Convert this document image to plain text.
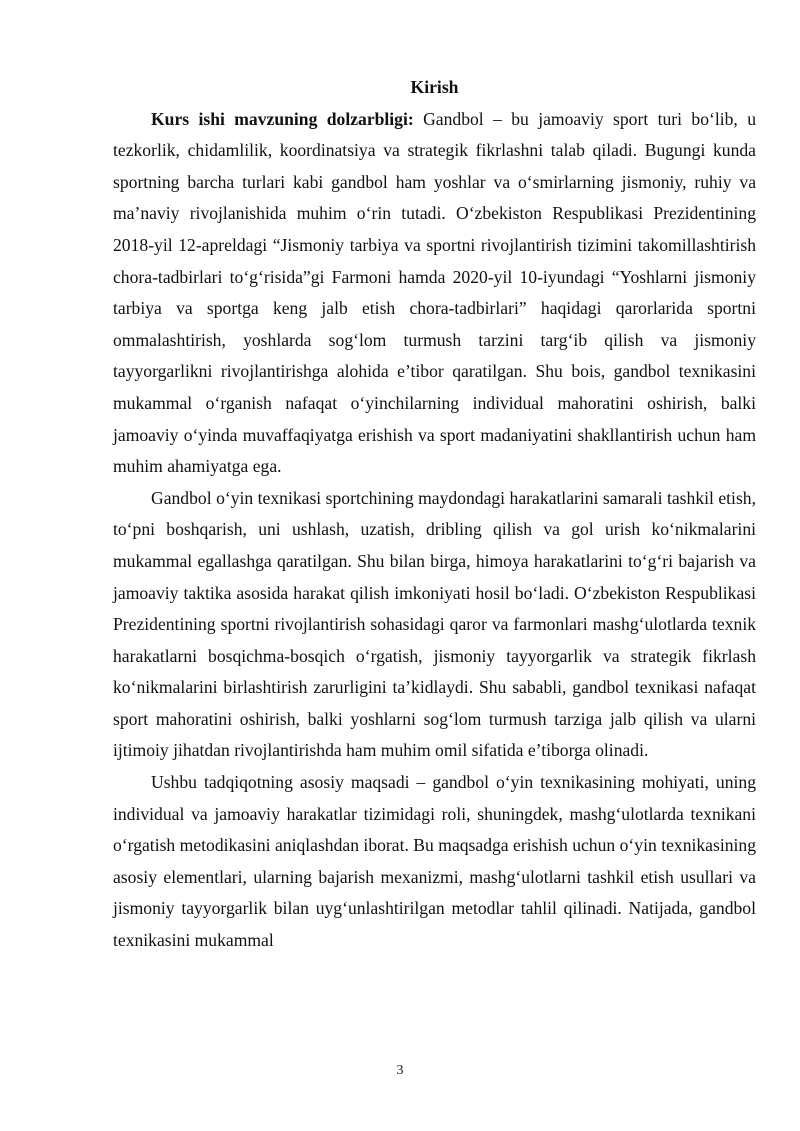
Kirish

Kurs ishi mavzuning dolzarbligi: Gandbol – bu jamoaviy sport turi bo‘lib, u tezkorlik, chidamlilik, koordinatsiya va strategik fikrlashni talab qiladi. Bugungi kunda sportning barcha turlari kabi gandbol ham yoshlar va o‘smirlarning jismoniy, ruhiy va ma’naviy rivojlanishida muhim o‘rin tutadi. O‘zbekiston Respublikasi Prezidentining 2018-yil 12-apreldagi “Jismoniy tarbiya va sportni rivojlantirish tizimini takomillashtirish chora-tadbirlari to‘g‘risida”gi Farmoni hamda 2020-yil 10-iyundagi “Yoshlarni jismoniy tarbiya va sportga keng jalb etish chora-tadbirlari” haqidagi qarorlarida sportni ommalashtirish, yoshlarda sog‘lom turmush tarzini targ‘ib qilish va jismoniy tayyorgarlikni rivojlantirishga alohida e’tibor qaratilgan. Shu bois, gandbol texnikasini mukammal o‘rganish nafaqat o‘yinchilarning individual mahoratini oshirish, balki jamoaviy o‘yinda muvaffaqiyatga erishish va sport madaniyatini shakllantirish uchun ham muhim ahamiyatga ega.

Gandbol o‘yin texnikasi sportchining maydondagi harakatlarini samarali tashkil etish, to‘pni boshqarish, uni ushlash, uzatish, dribling qilish va gol urish ko‘nikmalarini mukammal egallashga qaratilgan. Shu bilan birga, himoya harakatlarini to‘g‘ri bajarish va jamoaviy taktika asosida harakat qilish imkoniyati hosil bo‘ladi. O‘zbekiston Respublikasi Prezidentining sportni rivojlantirish sohasidagi qaror va farmonlari mashg‘ulotlarda texnik harakatlarni bosqichma-bosqich o‘rgatish, jismoniy tayyorgarlik va strategik fikrlash ko‘nikmalarini birlashtirish zarurligini ta’kidlaydi. Shu sababli, gandbol texnikasi nafaqat sport mahoratini oshirish, balki yoshlarni sog‘lom turmush tarziga jalb qilish va ularni ijtimoiy jihatdan rivojlantirishda ham muhim omil sifatida e’tiborga olinadi.

Ushbu tadqiqotning asosiy maqsadi – gandbol o‘yin texnikasining mohiyati, uning individual va jamoaviy harakatlar tizimidagi roli, shuningdek, mashg‘ulotlarda texnikani o‘rgatish metodikasini aniqlashdan iborat. Bu maqsadga erishish uchun o‘yin texnikasining asosiy elementlari, ularning bajarish mexanizmi, mashg‘ulotlarni tashkil etish usullari va jismoniy tayyorgarlik bilan uyg‘unlashtirilgan metodlar tahlil qilinadi. Natijada, gandbol texnikasini mukammal

3
